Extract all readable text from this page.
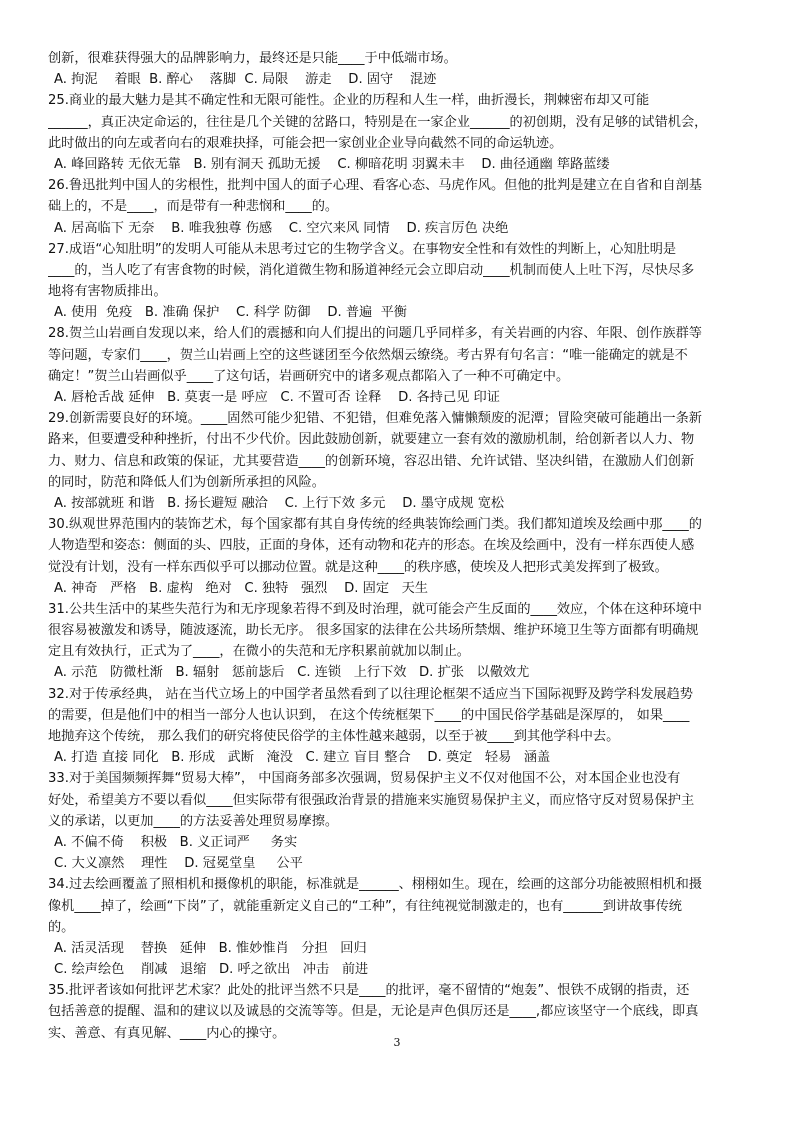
创新，很难获得强大的品牌影响力，最终还是只能____于中低端市场。
A. 拘泥    着眼  B. 醉心    落脚  C. 局限    游走    D. 固守    混迹
25.商业的最大魅力是其不确定性和无限可能性。企业的历程和人生一样，曲折漫长，荆棘密布却又可能
______，真正决定命运的，往往是几个关键的岔路口，特别是在一家企业______的初创期，没有足够的试错机会，
此时做出的向左或者向右的艰难抉择，可能会把一家创业企业导向截然不同的命运轨迹。
A. 峰回路转 无依无靠   B. 别有洞天 孤助无援    C. 柳暗花明 羽翼未丰    D. 曲径通幽 筚路蓝缕
26.鲁迅批判中国人的劣根性，批判中国人的面子心理、看客心态、马虎作风。但他的批判是建立在自省和自剖基
础上的，不是____，而是带有一种悲悯和____的。
A. 居高临下 无奈    B. 唯我独尊 伤感    C. 空穴来风 同情    D. 疾言厉色 决绝
27.成语“心知肚明”的发明人可能从未思考过它的生物学含义。在事物安全性和有效性的判断上，心知肚明是
____的，当人吃了有害食物的时候，消化道微生物和肠道神经元会立即启动____机制而使人上吐下泻，尽快尽多
地将有害物质排出。
A. 使用  免疫   B. 准确 保护    C. 科学 防御    D. 普遍  平衡
28.贺兰山岩画自发现以来，给人们的震撼和向人们提出的问题几乎同样多，有关岩画的内容、年限、创作族群等
等问题，专家们____，贺兰山岩画上空的这些谜团至今依然烟云缭绕。考古界有句名言：“唯一能确定的就是不
确定！”贺兰山岩画似乎____了这句话，岩画研究中的诸多观点都陷入了一种不可确定中。
A. 唇枪舌战 延伸   B. 莫衷一是 呼应   C. 不置可否 诠释    D. 各持己见 印证
29.创新需要良好的环境。____固然可能少犯错、不犯错，但难免落入慵懒颓废的泥潭；冒险突破可能趟出一条新
路来，但要遭受种种挫折，付出不少代价。因此鼓励创新，就要建立一套有效的激励机制，给创新者以人力、物
力、财力、信息和政策的保证，尤其要营造____的创新环境，容忍出错、允许试错、坚决纠错，在激励人们创新
的同时，防范和降低人们为创新所承担的风险。
A. 按部就班 和谐   B. 扬长避短 融洽    C. 上行下效 多元    D. 墨守成规 宽松
30.纵观世界范围内的装饰艺术，每个国家都有其自身传统的经典装饰绘画门类。我们都知道埃及绘画中那____的
人物造型和姿态：侧面的头、四肢，正面的身体，还有动物和花卉的形态。在埃及绘画中，没有一样东西使人感
觉没有计划，没有一样东西似乎可以挪动位置。就是这种____的秩序感，使埃及人把形式美发挥到了极致。
A. 神奇   严格   B. 虚构   绝对   C. 独特   强烈    D. 固定   天生
31.公共生活中的某些失范行为和无序现象若得不到及时治理，就可能会产生反面的____效应，个体在这种环境中
很容易被激发和诱导，随波逐流，助长无序。 很多国家的法律在公共场所禁烟、维护环境卫生等方面都有明确规
定且有效执行，正式为了____，在微小的失范和无序积累前就加以制止。
A. 示范   防微杜渐   B. 辐射   惩前毖后   C. 连锁   上行下效   D. 扩张   以儆效尤
32.对于传承经典， 站在当代立场上的中国学者虽然看到了以往理论框架不适应当下国际视野及跨学科发展趋势
的需要，但是他们中的相当一部分人也认识到， 在这个传统框架下____的中国民俗学基础是深厚的， 如果____
地抛弃这个传统， 那么我们的研究将使民俗学的主体性越来越弱，以至于被____到其他学科中去。
A. 打造 直接 同化   B. 形成   武断   淹没   C. 建立 盲目 整合    D. 奠定   轻易   涵盖
33.对于美国频频挥舞“贸易大棒”， 中国商务部多次强调，贸易保护主义不仅对他国不公，对本国企业也没有
好处，希望美方不要以看似____但实际带有很强政治背景的措施来实施贸易保护主义，而应恪守反对贸易保护主
义的承诺，以更加____的方法妥善处理贸易摩擦。
A. 不偏不倚    积极   B. 义正词严     务实
C. 大义凛然    理性    D. 冠冕堂皇     公平
34.过去绘画覆盖了照相机和摄像机的职能，标准就是______、栩栩如生。现在，绘画的这部分功能被照相机和摄
像机____掉了，绘画“下岗”了，就能重新定义自己的“工种”，有往纯视觉制激走的，也有______到讲故事传统
的。
A. 活灵活现    替换   延伸   B. 惟妙惟肖   分担   回归
C. 绘声绘色    削减   退缩   D. 呼之欲出   冲击   前进
35.批评者该如何批评艺术家？此处的批评当然不只是____的批评，毫不留情的“炮轰”、恨铁不成钢的指责，还
包括善意的提醒、温和的建议以及诚恳的交流等等。但是，无论是声色俱厉还是____,都应该坚守一个底线，即真
实、善意、有真见解、____内心的操守。
3
